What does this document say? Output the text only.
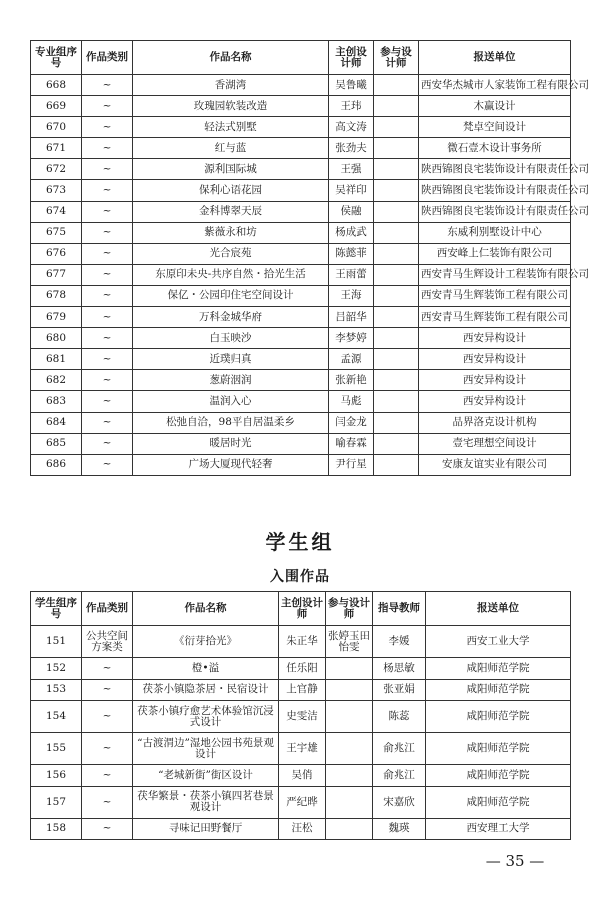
专业组序号	作品类别	作品名称	主创设计师	参与设计师	报送单位
668	~	香湖湾	吴鲁曦		西安华杰城市人家装饰工程有限公司
669	~	玫瑰园软装改造	王玮		木赢设计
670	~	轻法式别墅	高文涛		梵卓空间设计
671	~	红与蓝	张劲夫		微石壹木设计事务所
672	~	源利国际城	王强		陕西锦图良宅装饰设计有限责任公司
673	~	保利心语花园	吴祥印		陕西锦图良宅装饰设计有限责任公司
674	~	金科博翠天辰	侯融		陕西锦图良宅装饰设计有限责任公司
675	~	紫薇永和坊	杨成武		东威利别墅设计中心
676	~	光合宸苑	陈懿菲		西安峰上仁装饰有限公司
677	~	东原印未央-共序自然・拾光生活	王雨蕾		西安青马生辉设计工程装饰有限公司
678	~	保亿・公园印住宅空间设计	王海		西安青马生辉装饰工程有限公司
679	~	万科金城华府	吕韶华		西安青马生辉装饰工程有限公司
680	~	白玉映沙	李梦婷		西安异构设计
681	~	近璞归真	孟源		西安异构设计
682	~	葱蔚洇润	张新艳		西安异构设计
683	~	温润入心	马彪		西安异构设计
684	~	松弛自洽，98平自居温柔乡	闫金龙		品界洛克设计机构
685	~	暖居时光	喻春霖		壹宅理想空间设计
686	~	广场大厦现代轻奢	尹行星		安康友谊实业有限公司
学生组
入围作品
学生组序号	作品类别	作品名称	主创设计师	参与设计师	指导教师	报送单位
151	公共空间方案类	《衍芽拾光》	朱正华	张婷玉田怡雯	李媛	西安工业大学
152	~	橙•溢	任乐阳		杨思敏	咸阳师范学院
153	~	茯茶小镇隐茶居・民宿设计	上官静		张亚娟	咸阳师范学院
154	~	茯茶小镇疗愈艺术体验馆沉浸式设计	史雯洁		陈蕊	咸阳师范学院
155	~	“古渡渭边”湿地公园书苑景观设计	王宇雄		俞兆江	咸阳师范学院
156	~	“老城新街”街区设计	吴俏		俞兆江	咸阳师范学院
157	~	茯华繁景・茯茶小镇四茗巷景观设计	严纪晔		宋嘉欣	咸阳师范学院
158	~	寻味记田野餐厅	汪松		魏瑛	西安理工大学
— 35 —
